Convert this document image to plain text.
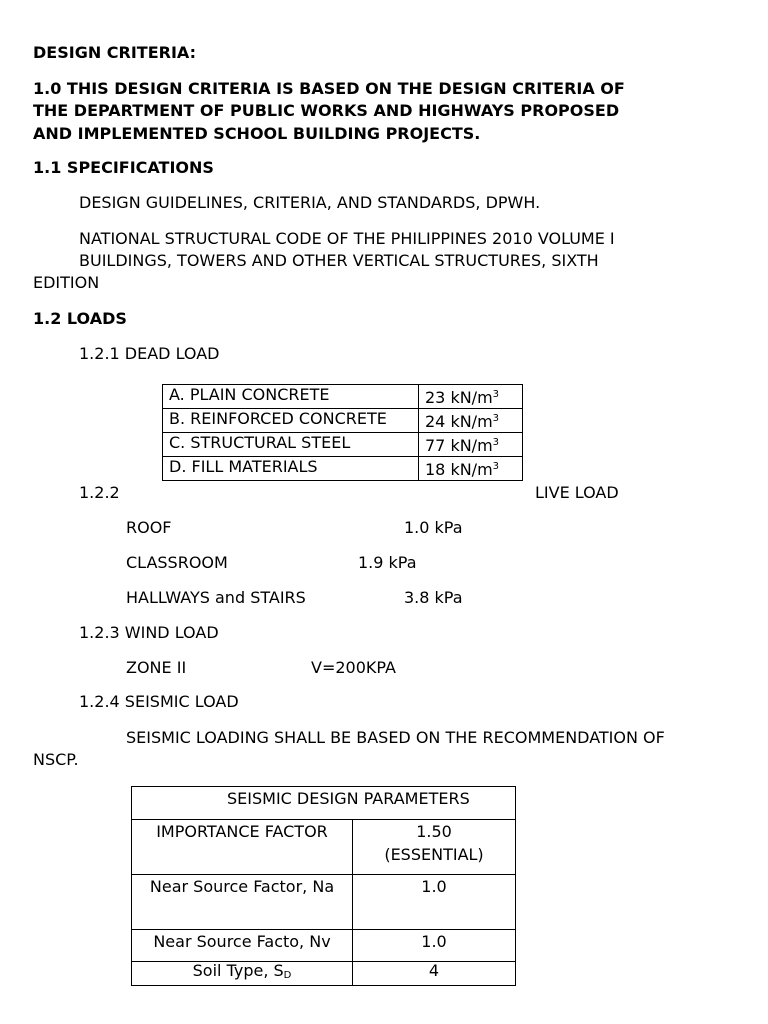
DESIGN CRITERIA:
1.0 THIS DESIGN CRITERIA IS BASED ON THE DESIGN CRITERIA OF
THE DEPARTMENT OF PUBLIC WORKS AND HIGHWAYS PROPOSED
AND IMPLEMENTED SCHOOL BUILDING PROJECTS.
1.1 SPECIFICATIONS
DESIGN GUIDELINES, CRITERIA, AND STANDARDS, DPWH.
NATIONAL STRUCTURAL CODE OF THE PHILIPPINES 2010 VOLUME I
BUILDINGS, TOWERS AND OTHER VERTICAL STRUCTURES, SIXTH
EDITION
1.2 LOADS
1.2.1 DEAD LOAD
A. PLAIN CONCRETE	23 $kN/m^3$
B. REINFORCED CONCRETE	24 $kN/m^3$
C. STRUCTURAL STEEL	77 $kN/m^3$
D. FILL MATERIALS	18 $kN/m^3$
1.2.2	LIVE LOAD
ROOF	1.0 kPa
CLASSROOM	1.9 kPa
HALLWAYS and STAIRS	3.8 kPa
1.2.3 WIND LOAD
ZONE II	V=200KPA
1.2.4 SEISMIC LOAD
SEISMIC LOADING SHALL BE BASED ON THE RECOMMENDATION OF
NSCP.
SEISMIC DESIGN PARAMETERS	
IMPORTANCE FACTOR	1.50 (ESSENTIAL)
Near Source Factor, Na	1.0
Near Source Facto, Nv	1.0
Soil Type, $S_D$	4
